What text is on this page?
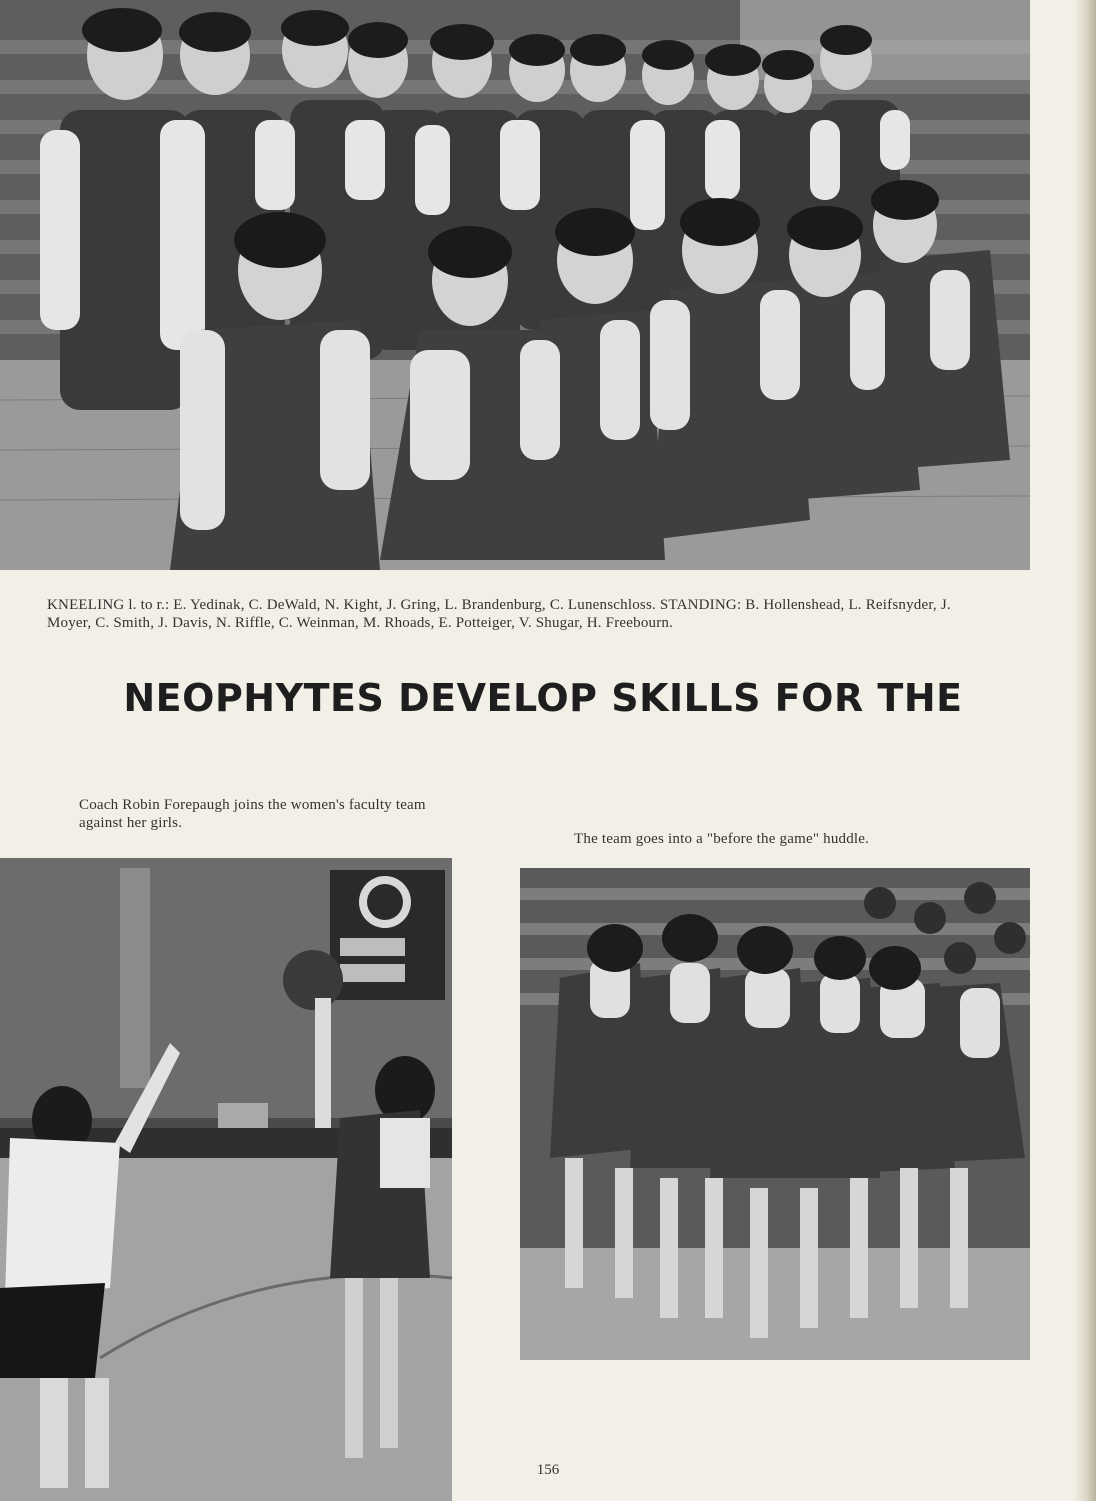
KNEELING l. to r.: E. Yedinak, C. DeWald, N. Kight, J. Gring, L. Brandenburg, C. Lunenschloss. STANDING: B. Hollenshead, L. Reifsnyder, J. Moyer, C. Smith, J. Davis, N. Riffle, C. Weinman, M. Rhoads, E. Potteiger, V. Shugar, H. Freebourn.
NEOPHYTES DEVELOP SKILLS FOR THE
Coach Robin Forepaugh joins the women's faculty team against her girls.
The team goes into a "before the game" huddle.
156
